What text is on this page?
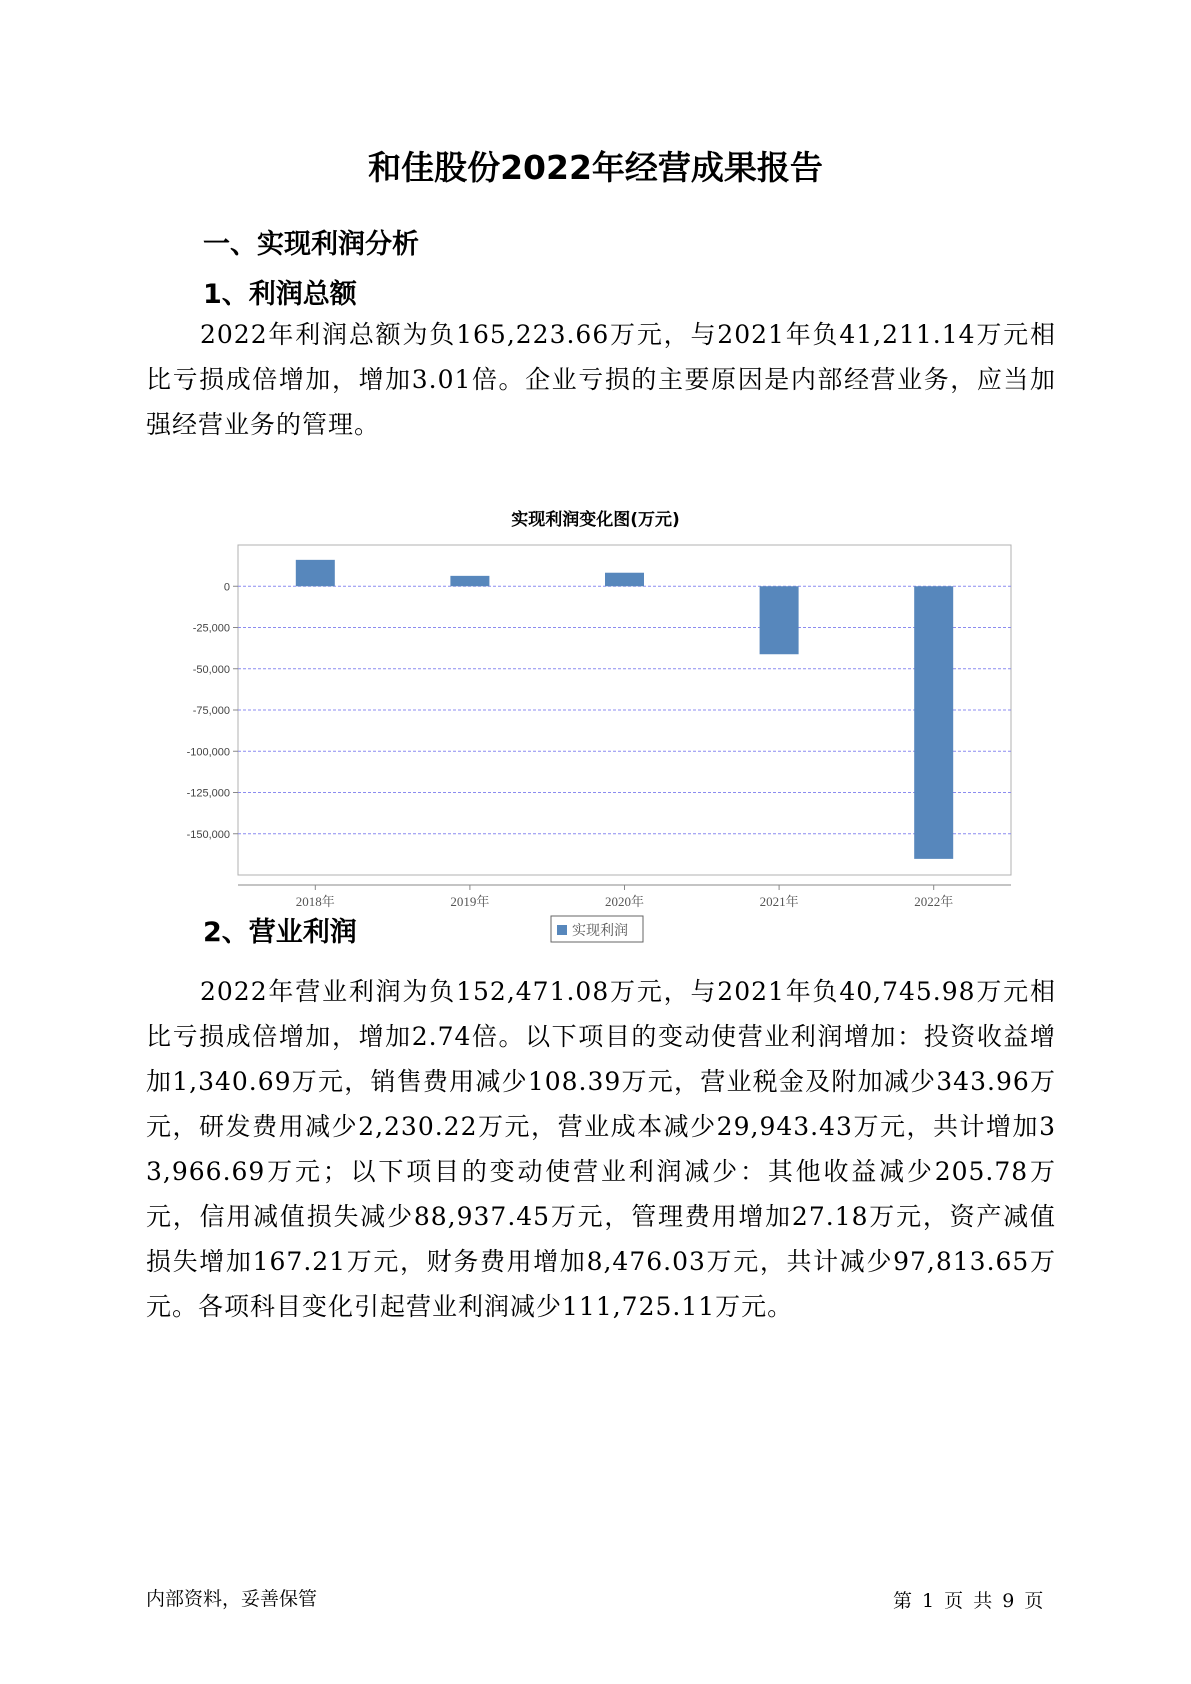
和佳股份2022年经营成果报告
一、实现利润分析
1、利润总额

2022年利润总额为负165,223.66万元，与2021年负41,211.14万元相比亏损成倍增加，增加3.01倍。企业亏损的主要原因是内部经营业务，应当加强经营业务的管理。

实现利润变化图(万元)
0
-25,000
-50,000
-75,000
-100,000
-125,000
-150,000
2018年	2019年	2020年	2021年	2022年
实现利润
2、营业利润

2022年营业利润为负152,471.08万元，与2021年负40,745.98万元相比亏损成倍增加，增加2.74倍。以下项目的变动使营业利润增加：投资收益增加1,340.69万元，销售费用减少108.39万元，营业税金及附加减少343.96万元，研发费用减少2,230.22万元，营业成本减少29,943.43万元，共计增加33,966.69万元；以下项目的变动使营业利润减少：其他收益减少205.78万元，信用减值损失减少88,937.45万元，管理费用增加27.18万元，资产减值损失增加167.21万元，财务费用增加8,476.03万元，共计减少97,813.65万元。各项科目变化引起营业利润减少111,725.11万元。

内部资料，妥善保管	第 1 页 共 9 页
